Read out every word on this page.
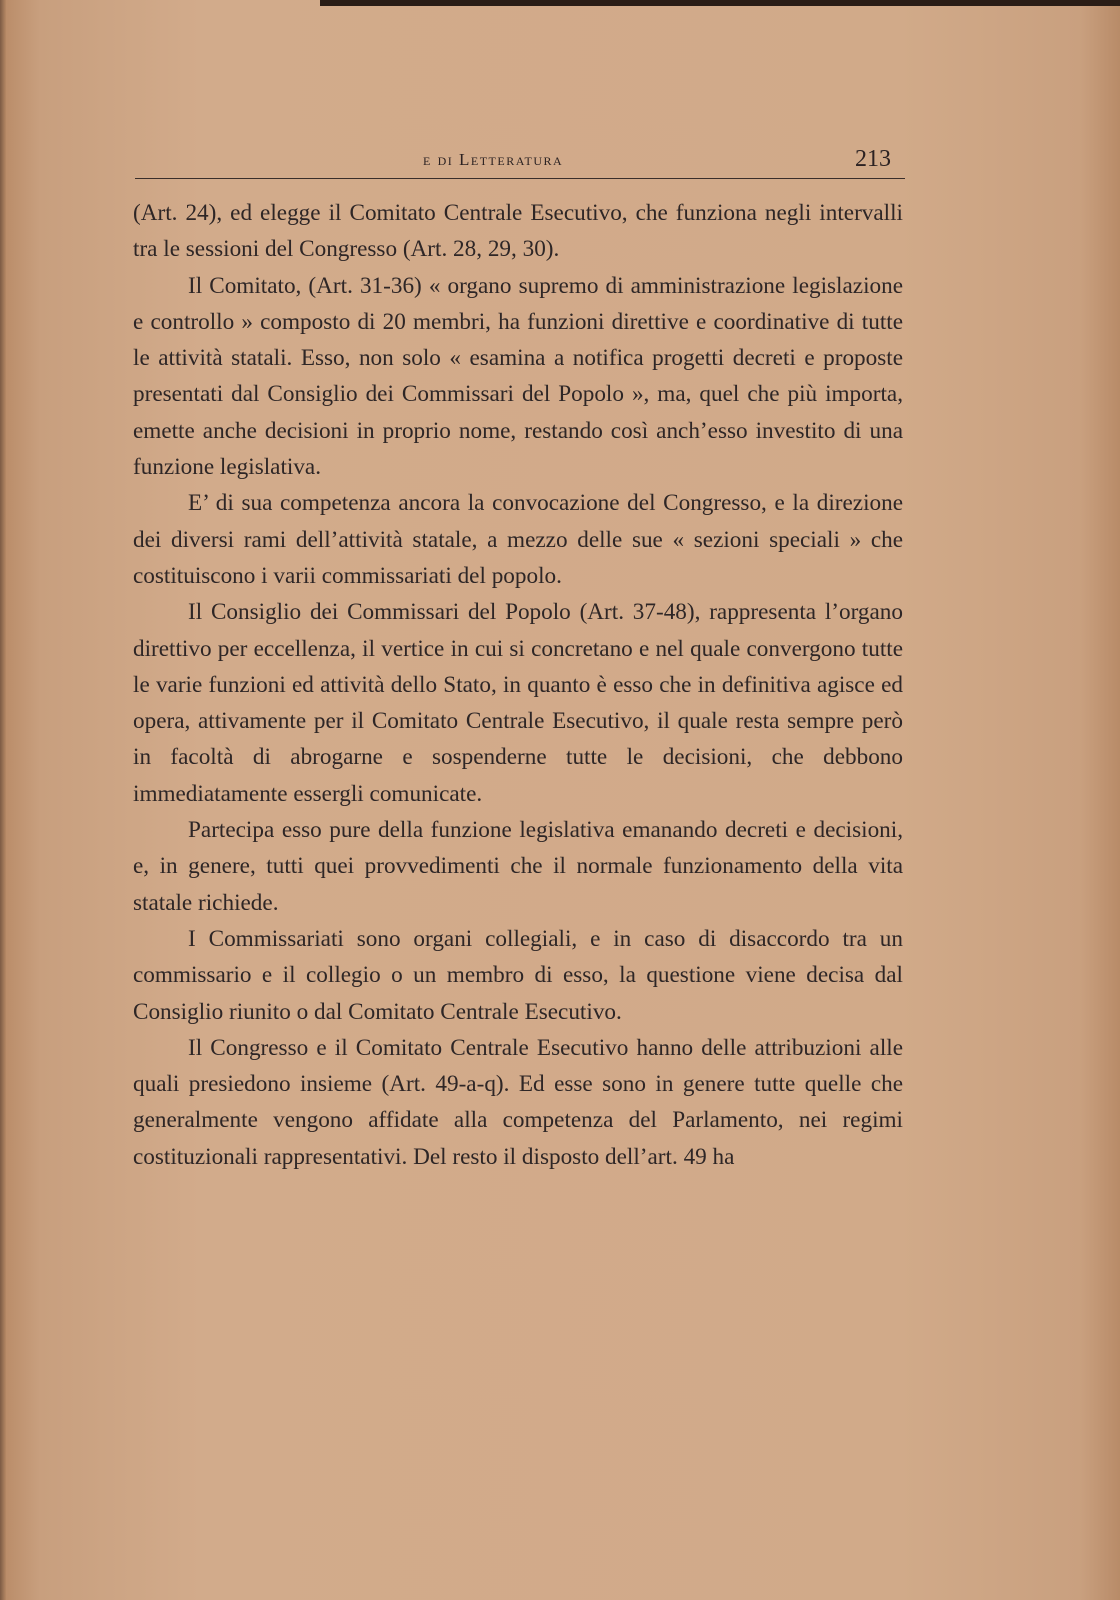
e di Letteratura	213

(Art. 24), ed elegge il Comitato Centrale Esecutivo, che funziona negli intervalli tra le sessioni del Congresso (Art. 28, 29, 30).

Il Comitato, (Art. 31-36) « organo supremo di amministrazione legislazione e controllo » composto di 20 membri, ha funzioni direttive e coordinative di tutte le attività statali. Esso, non solo « esamina a notifica progetti decreti e proposte presentati dal Consiglio dei Commissari del Popolo », ma, quel che più importa, emette anche decisioni in proprio nome, restando così anch’esso investito di una funzione legislativa.

E’ di sua competenza ancora la convocazione del Congresso, e la direzione dei diversi rami dell’attività statale, a mezzo delle sue « sezioni speciali » che costituiscono i varii commissariati del popolo.

Il Consiglio dei Commissari del Popolo (Art. 37-48), rappresenta l’organo direttivo per eccellenza, il vertice in cui si concretano e nel quale convergono tutte le varie funzioni ed attività dello Stato, in quanto è esso che in definitiva agisce ed opera, attivamente per il Comitato Centrale Esecutivo, il quale resta sempre però in facoltà di abrogarne e sospenderne tutte le decisioni, che debbono immediatamente essergli comunicate.

Partecipa esso pure della funzione legislativa emanando decreti e decisioni, e, in genere, tutti quei provvedimenti che il normale funzionamento della vita statale richiede.

I Commissariati sono organi collegiali, e in caso di disaccordo tra un commissario e il collegio o un membro di esso, la questione viene decisa dal Consiglio riunito o dal Comitato Centrale Esecutivo.

Il Congresso e il Comitato Centrale Esecutivo hanno delle attribuzioni alle quali presiedono insieme (Art. 49-a-q). Ed esse sono in genere tutte quelle che generalmente vengono affidate alla competenza del Parlamento, nei regimi costituzionali rappresentativi. Del resto il disposto dell’art. 49 ha
